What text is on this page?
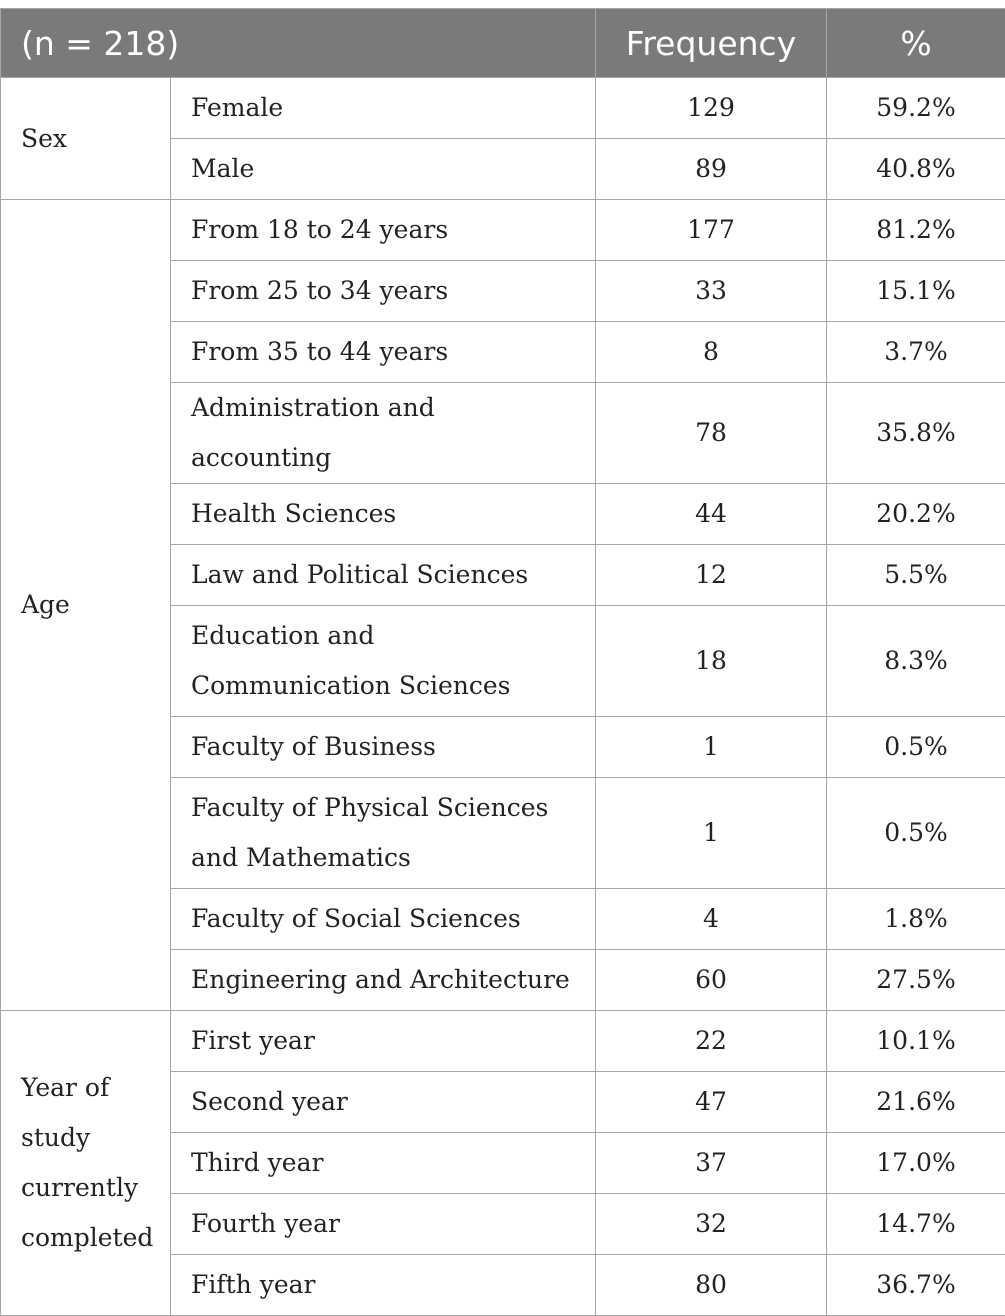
(n = 218)		Frequency	%
Sex	Female	129	59.2%
	Male	89	40.8%
Age	From 18 to 24 years	177	81.2%
	From 25 to 34 years	33	15.1%
	From 35 to 44 years	8	3.7%
	Administration and accounting	78	35.8%
	Health Sciences	44	20.2%
	Law and Political Sciences	12	5.5%
	Education and Communication Sciences	18	8.3%
	Faculty of Business	1	0.5%
	Faculty of Physical Sciences and Mathematics	1	0.5%
	Faculty of Social Sciences	4	1.8%
	Engineering and Architecture	60	27.5%
Year of study currently completed	First year	22	10.1%
	Second year	47	21.6%
	Third year	37	17.0%
	Fourth year	32	14.7%
	Fifth year	80	36.7%
